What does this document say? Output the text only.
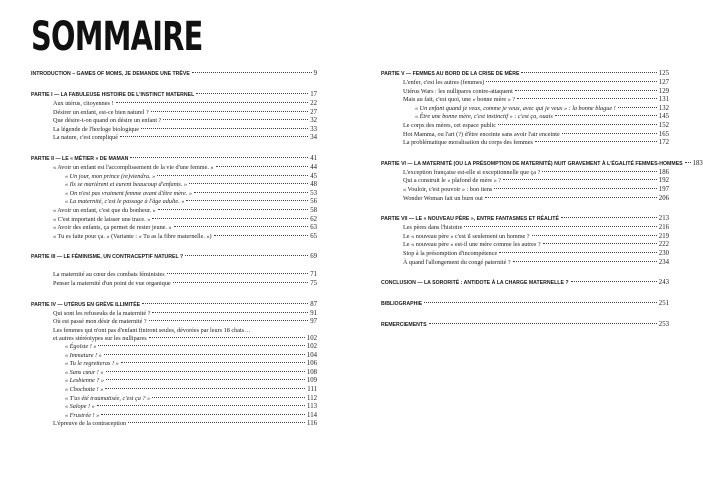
SOMMAIRE
INTRODUCTION – GAMES OF MOMS, JE DEMANDE UNE TRÊVE	9
PARTIE I — LA FABULEUSE HISTOIRE DE L'INSTINCT MATERNEL	17
Aux utérus, citoyennes !	22
Désirer un enfant, est-ce bien naturel ?	27
Que désire-t-on quand on désire un enfant ?	32
La légende de l'horloge biologique	33
La nature, c'est compliqué	34
PARTIE II — LE « MÉTIER » DE MAMAN	41
« Avoir un enfant est l'accomplissement de la vie d'une femme. »	44
« Un jour, mon prince (re)viendra. »	45
« Ils se marièrent et eurent beaucoup d'enfants. »	48
« On n'est pas vraiment femme avant d'être mère. »	53
« La maternité, c'est le passage à l'âge adulte. »	56
« Avoir un enfant, c'est que du bonheur. »	58
« C'est important de laisser une trace. »	62
« Avoir des enfants, ça permet de rester jeune. »	63
« Tu es faite pour ça. » (Variante : « Tu as la fibre maternelle. »)	65
PARTIE III — LE FÉMINISME, UN CONTRACEPTIF NATUREL ?	69
La maternité au cœur des combats féministes	71
Penser la maternité d'un point de vue organique	75
PARTIE IV — UTÉRUS EN GRÈVE ILLIMITÉE	87
Qui sont les refuseuks de la maternité ?	91
Où est passé mon désir de maternité ?	97
Les femmes qui n'ont pas d'enfant finiront seules, dévorées par leurs 18 chats…
et autres stéréotypes sur les nullipares	102
« Égoïste ! »	102
« Immature ! »	104
« Tu le regretteras ! »	106
« Sans cœur ! »	108
« Lesbienne ? »	109
« Chochotte ! »	111
« T'as été traumatisée, c'est ça ? »	112
« Salope ! »	113
« Frustrée ! »	114
L'épreuve de la contraception	116
PARTIE V — FEMMES AU BORD DE LA CRISE DE MÈRE	125
L'enfer, c'est les autres (femmes)	127
Utérus Wars : les nullipares contre-attaquent	129
Mais au fait, c'est quoi, une « bonne mère » ?	131
« Un enfant quand je veux, comme je veux, avec qui je veux » : la bonne blague !	132
« Être une bonne mère, c'est instinctif » : c'est ça, ouais	145
Le corps des mères, cet espace public	152
Hot Mamma, ou l'art (?) d'être enceinte sans avoir l'air enceinte	165
La problématique moralisation du corps des femmes	172
PARTIE VI — LA MATERNITÉ (OU LA PRÉSOMPTION DE MATERNITÉ) NUIT GRAVEMENT À L'ÉGALITÉ FEMMES-HOMMES 183
L'exception française est-elle si exceptionnelle que ça ?	186
Qui a construit le « plafond de mère » ?	192
« Vouloir, c'est pouvoir » : bon tiens	197
Wonder Woman fait un burn out	206
PARTIE VII — LE « NOUVEAU PÈRE », ENTRE FANTASMES ET RÉALITÉ	213
Les pères dans l'histoire	216
Le « nouveau père » c'est il seulement un homme ?	219
Le « nouveau père » est-il une mère comme les autres ?	222
Stop à la présomption d'incompétence	230
À quand l'allongement du congé paternité ?	234
CONCLUSION — LA SORORITÉ : ANTIDOTE À LA CHARGE MATERNELLE ?	243
BIBLIOGRAPHIE	251
REMERCIEMENTS	253
